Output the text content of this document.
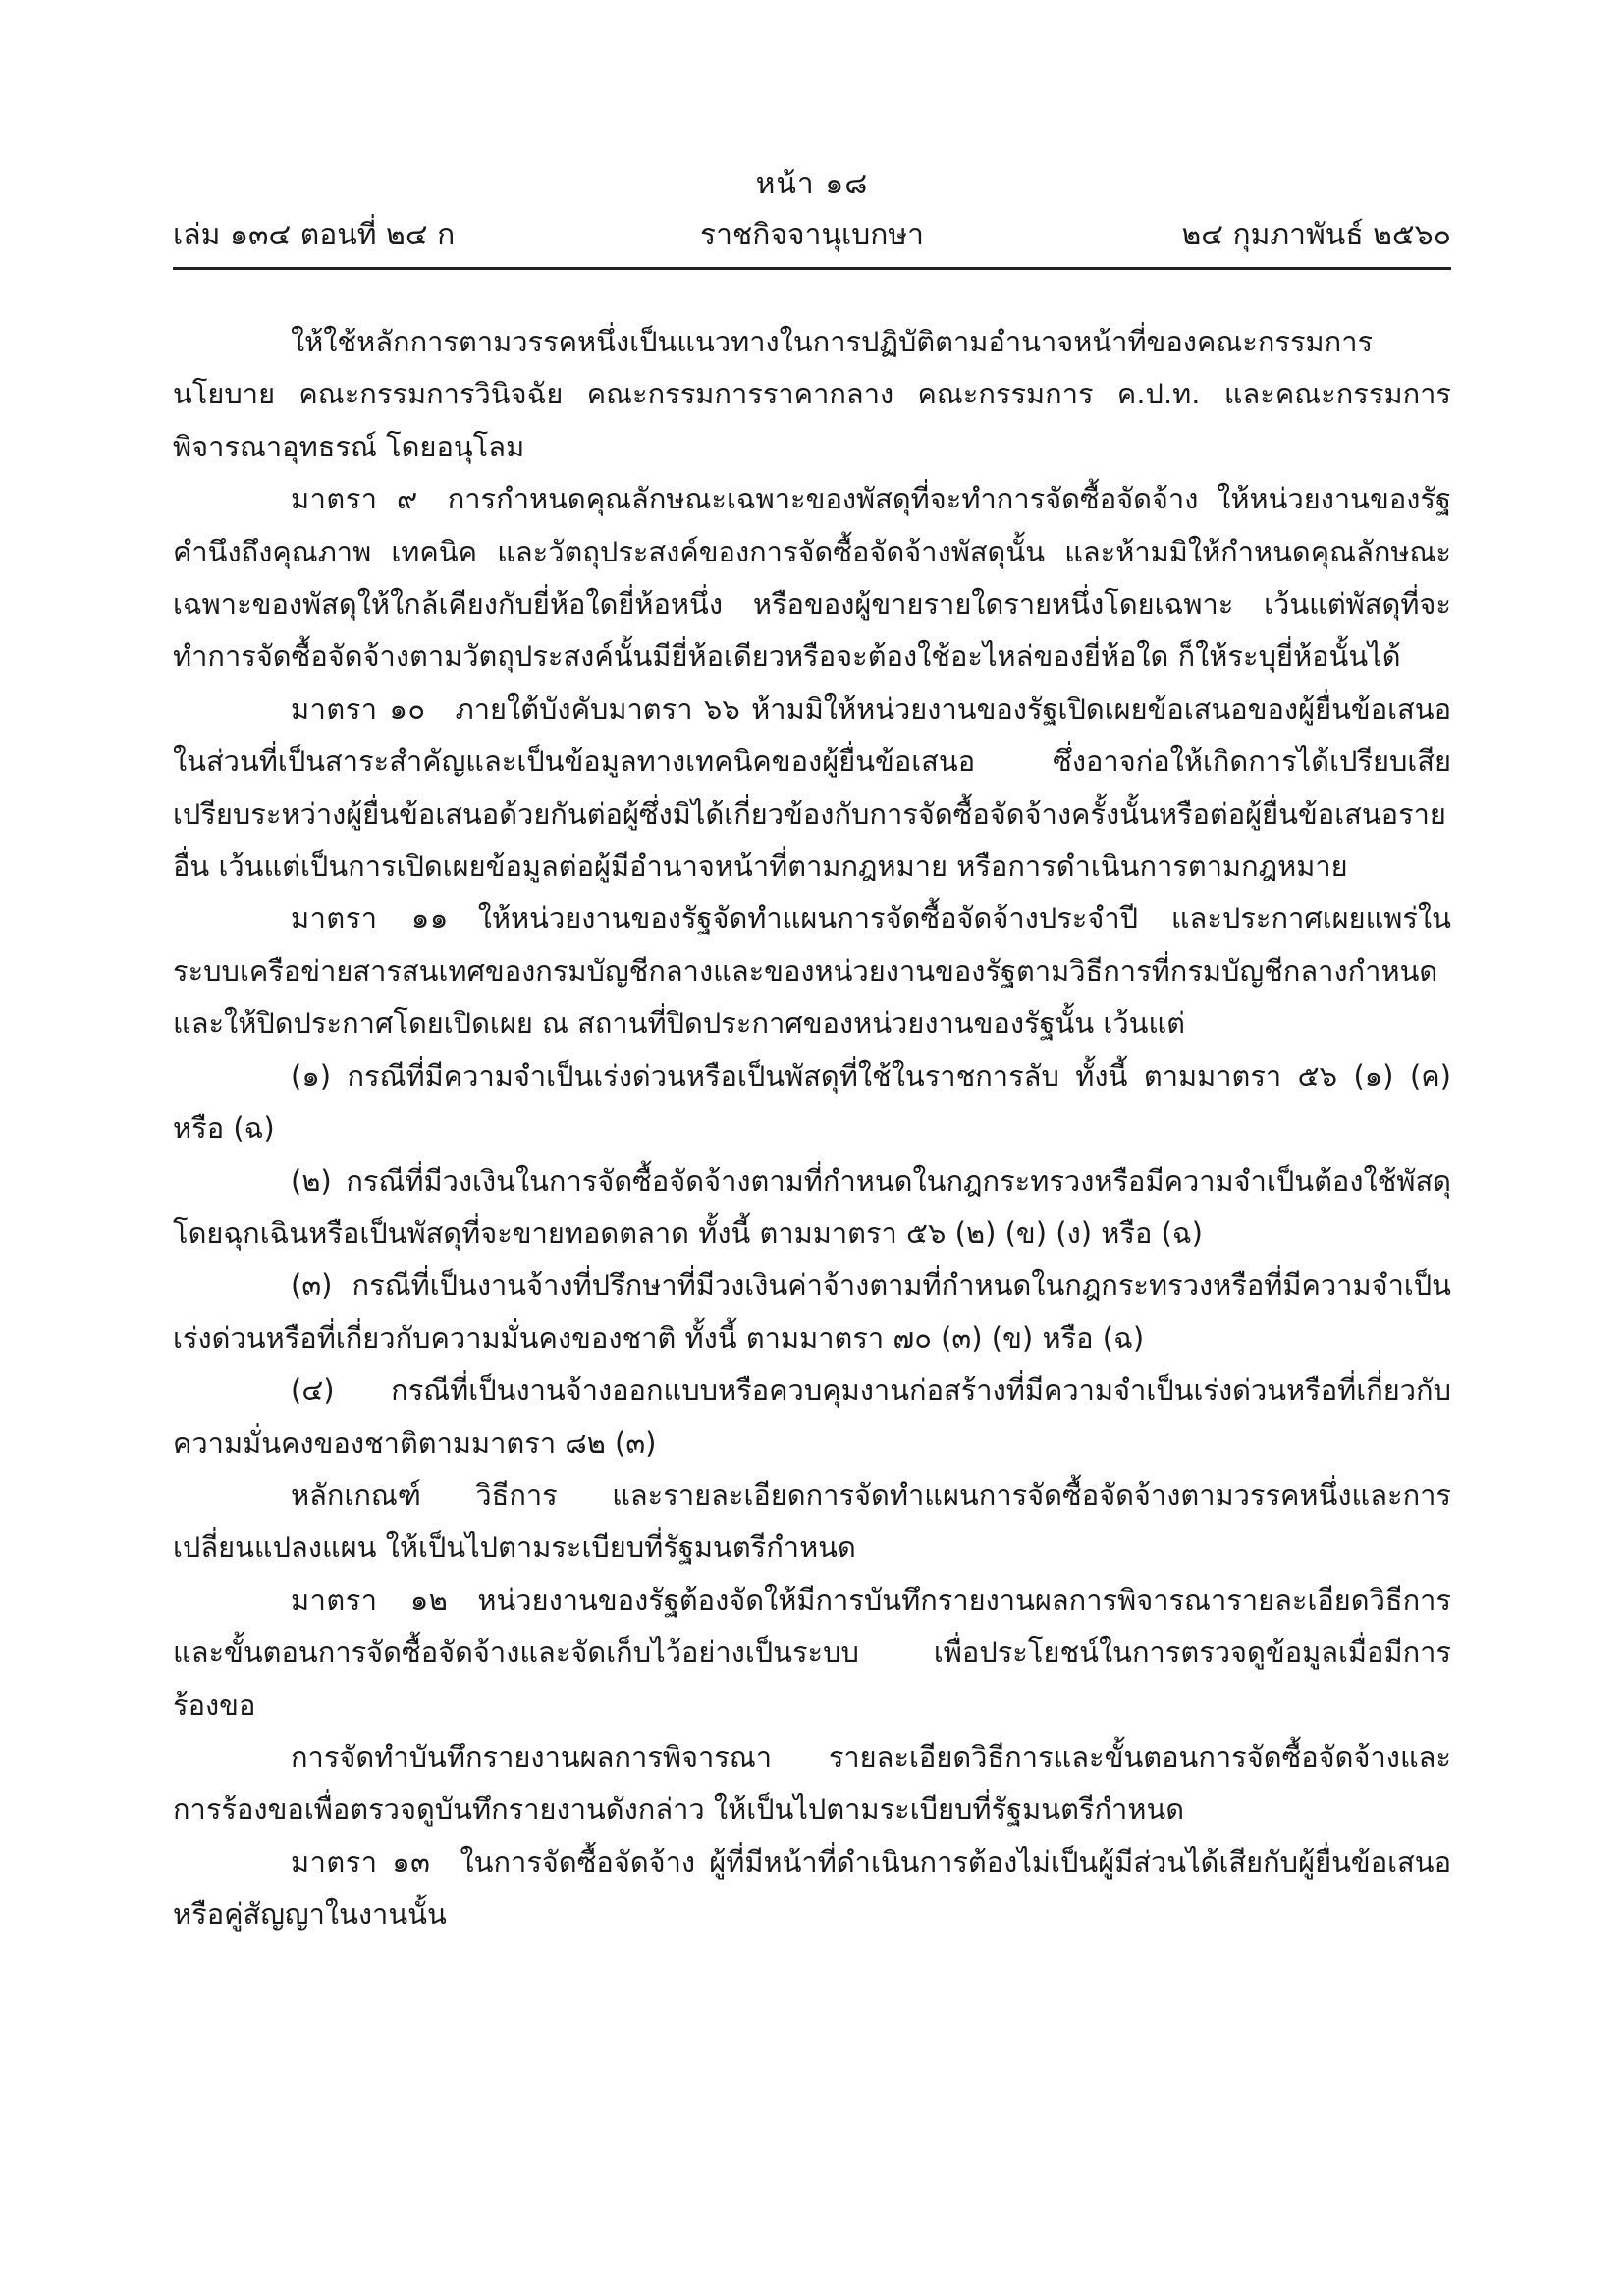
หน้า ๑๘
เล่ม ๑๓๔ ตอนที่ ๒๔ ก	ราชกิจจานุเบกษา	๒๔ กุมภาพันธ์ ๒๕๖๐

ให้ใช้หลักการตามวรรคหนึ่งเป็นแนวทางในการปฏิบัติตามอำนาจหน้าที่ของคณะกรรมการนโยบาย คณะกรรมการวินิจฉัย คณะกรรมการราคากลาง คณะกรรมการ ค.ป.ท. และคณะกรรมการพิจารณาอุทธรณ์ โดยอนุโลม

มาตรา ๙ การกำหนดคุณลักษณะเฉพาะของพัสดุที่จะทำการจัดซื้อจัดจ้าง ให้หน่วยงานของรัฐคำนึงถึงคุณภาพ เทคนิค และวัตถุประสงค์ของการจัดซื้อจัดจ้างพัสดุนั้น และห้ามมิให้กำหนดคุณลักษณะเฉพาะของพัสดุให้ใกล้เคียงกับยี่ห้อใดยี่ห้อหนึ่ง หรือของผู้ขายรายใดรายหนึ่งโดยเฉพาะ เว้นแต่พัสดุที่จะทำการจัดซื้อจัดจ้างตามวัตถุประสงค์นั้นมียี่ห้อเดียวหรือจะต้องใช้อะไหล่ของยี่ห้อใด ก็ให้ระบุยี่ห้อนั้นได้

มาตรา ๑๐ ภายใต้บังคับมาตรา ๖๖ ห้ามมิให้หน่วยงานของรัฐเปิดเผยข้อเสนอของผู้ยื่นข้อเสนอในส่วนที่เป็นสาระสำคัญและเป็นข้อมูลทางเทคนิคของผู้ยื่นข้อเสนอ ซึ่งอาจก่อให้เกิดการได้เปรียบเสียเปรียบระหว่างผู้ยื่นข้อเสนอด้วยกันต่อผู้ซึ่งมิได้เกี่ยวข้องกับการจัดซื้อจัดจ้างครั้งนั้นหรือต่อผู้ยื่นข้อเสนอรายอื่น เว้นแต่เป็นการเปิดเผยข้อมูลต่อผู้มีอำนาจหน้าที่ตามกฎหมาย หรือการดำเนินการตามกฎหมาย

มาตรา ๑๑ ให้หน่วยงานของรัฐจัดทำแผนการจัดซื้อจัดจ้างประจำปี และประกาศเผยแพร่ในระบบเครือข่ายสารสนเทศของกรมบัญชีกลางและของหน่วยงานของรัฐตามวิธีการที่กรมบัญชีกลางกำหนด และให้ปิดประกาศโดยเปิดเผย ณ สถานที่ปิดประกาศของหน่วยงานของรัฐนั้น เว้นแต่

(๑) กรณีที่มีความจำเป็นเร่งด่วนหรือเป็นพัสดุที่ใช้ในราชการลับ ทั้งนี้ ตามมาตรา ๕๖ (๑) (ค) หรือ (ฉ)

(๒) กรณีที่มีวงเงินในการจัดซื้อจัดจ้างตามที่กำหนดในกฎกระทรวงหรือมีความจำเป็นต้องใช้พัสดุโดยฉุกเฉินหรือเป็นพัสดุที่จะขายทอดตลาด ทั้งนี้ ตามมาตรา ๕๖ (๒) (ข) (ง) หรือ (ฉ)

(๓) กรณีที่เป็นงานจ้างที่ปรึกษาที่มีวงเงินค่าจ้างตามที่กำหนดในกฎกระทรวงหรือที่มีความจำเป็นเร่งด่วนหรือที่เกี่ยวกับความมั่นคงของชาติ ทั้งนี้ ตามมาตรา ๗๐ (๓) (ข) หรือ (ฉ)

(๔) กรณีที่เป็นงานจ้างออกแบบหรือควบคุมงานก่อสร้างที่มีความจำเป็นเร่งด่วนหรือที่เกี่ยวกับความมั่นคงของชาติตามมาตรา ๘๒ (๓)

หลักเกณฑ์ วิธีการ และรายละเอียดการจัดทำแผนการจัดซื้อจัดจ้างตามวรรคหนึ่งและการเปลี่ยนแปลงแผน ให้เป็นไปตามระเบียบที่รัฐมนตรีกำหนด

มาตรา ๑๒ หน่วยงานของรัฐต้องจัดให้มีการบันทึกรายงานผลการพิจารณารายละเอียดวิธีการและขั้นตอนการจัดซื้อจัดจ้างและจัดเก็บไว้อย่างเป็นระบบ เพื่อประโยชน์ในการตรวจดูข้อมูลเมื่อมีการร้องขอ

การจัดทำบันทึกรายงานผลการพิจารณา รายละเอียดวิธีการและขั้นตอนการจัดซื้อจัดจ้างและการร้องขอเพื่อตรวจดูบันทึกรายงานดังกล่าว ให้เป็นไปตามระเบียบที่รัฐมนตรีกำหนด

มาตรา ๑๓ ในการจัดซื้อจัดจ้าง ผู้ที่มีหน้าที่ดำเนินการต้องไม่เป็นผู้มีส่วนได้เสียกับผู้ยื่นข้อเสนอหรือคู่สัญญาในงานนั้น
